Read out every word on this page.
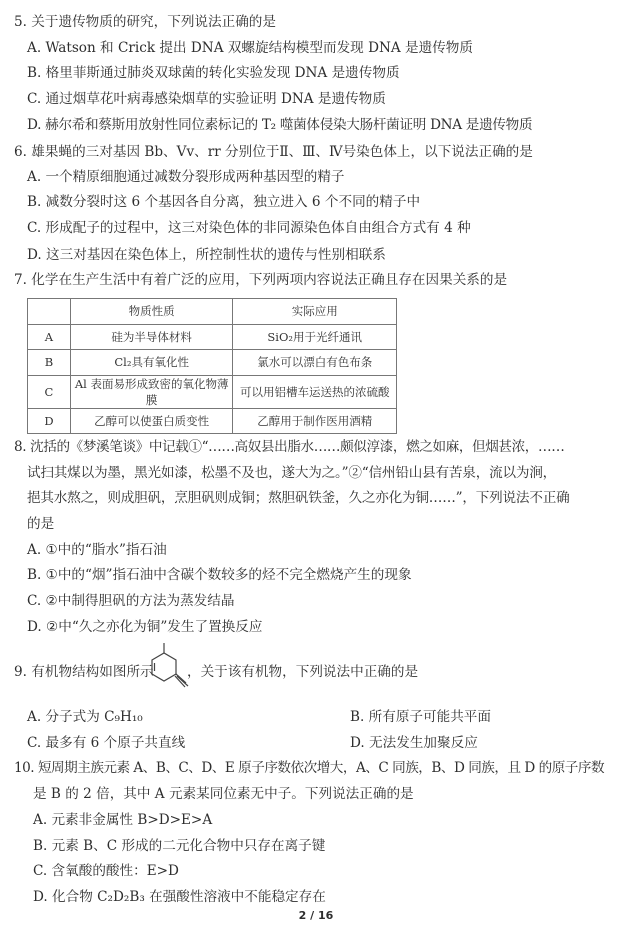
5. 关于遗传物质的研究，下列说法正确的是
A. Watson 和 Crick 提出 DNA 双螺旋结构模型而发现 DNA 是遗传物质
B. 格里菲斯通过肺炎双球菌的转化实验发现 DNA 是遗传物质
C. 通过烟草花叶病毒感染烟草的实验证明 DNA 是遗传物质
D. 赫尔希和蔡斯用放射性同位素标记的 T₂ 噬菌体侵染大肠杆菌证明 DNA 是遗传物质
6. 雄果蝇的三对基因 Bb、Vv、rr 分别位于Ⅱ、Ⅲ、Ⅳ号染色体上，以下说法正确的是
A. 一个精原细胞通过减数分裂形成两种基因型的精子
B. 减数分裂时这 6 个基因各自分离，独立进入 6 个不同的精子中
C. 形成配子的过程中，这三对染色体的非同源染色体自由组合方式有 4 种
D. 这三对基因在染色体上，所控制性状的遗传与性别相联系
7. 化学在生产生活中有着广泛的应用，下列两项内容说法正确且存在因果关系的是
	物质性质	实际应用
A	硅为半导体材料	SiO₂用于光纤通讯
B	Cl₂具有氧化性	氯水可以漂白有色布条
C	Al 表面易形成致密的氧化物薄膜	可以用铝槽车运送热的浓硫酸
D	乙醇可以使蛋白质变性	乙醇用于制作医用酒精
8. 沈括的《梦溪笔谈》中记载①“……高奴县出脂水……颇似淳漆，燃之如麻，但烟甚浓，……
试扫其煤以为墨，黑光如漆，松墨不及也，遂大为之。”②“信州铅山县有苦泉，流以为涧，
挹其水熬之，则成胆矾，烹胆矾则成铜；熬胆矾铁釜，久之亦化为铜……”，下列说法不正确
的是
A. ①中的“脂水”指石油
B. ①中的“烟”指石油中含碳个数较多的烃不完全燃烧产生的现象
C. ②中制得胆矾的方法为蒸发结晶
D. ②中“久之亦化为铜”发生了置换反应
9. 有机物结构如图所示 ，关于该有机物，下列说法中正确的是
A. 分子式为 C₉H₁₀	B. 所有原子可能共平面
C. 最多有 6 个原子共直线	D. 无法发生加聚反应
10. 短周期主族元素 A、B、C、D、E 原子序数依次增大，A、C 同族，B、D 同族，且 D 的原子序数
是 B 的 2 倍，其中 A 元素某同位素无中子。下列说法正确的是
A. 元素非金属性 B>D>E>A
B. 元素 B、C 形成的二元化合物中只存在离子键
C. 含氧酸的酸性：E>D
D. 化合物 C₂D₂B₃ 在强酸性溶液中不能稳定存在
2 / 16
